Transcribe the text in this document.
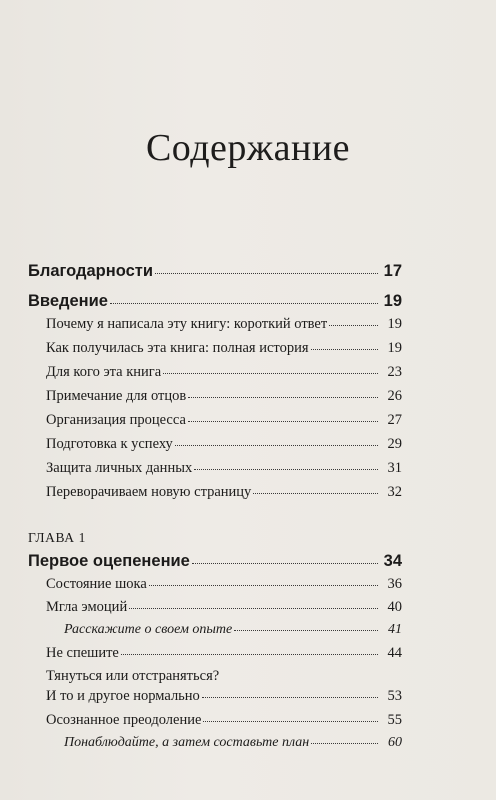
Содержание
Благодарности	17
Введение	19
Почему я написала эту книгу: короткий ответ	19
Как получилась эта книга: полная история	19
Для кого эта книга	23
Примечание для отцов	26
Организация процесса	27
Подготовка к успеху	29
Защита личных данных	31
Переворачиваем новую страницу	32
ГЛАВА 1
Первое оцепенение	34
Состояние шока	36
Мгла эмоций	40
Расскажите о своем опыте	41
Не спешите	44
Тянуться или отстраняться?
И то и другое нормально	53
Осознанное преодоление	55
Понаблюдайте, а затем составьте план	60
